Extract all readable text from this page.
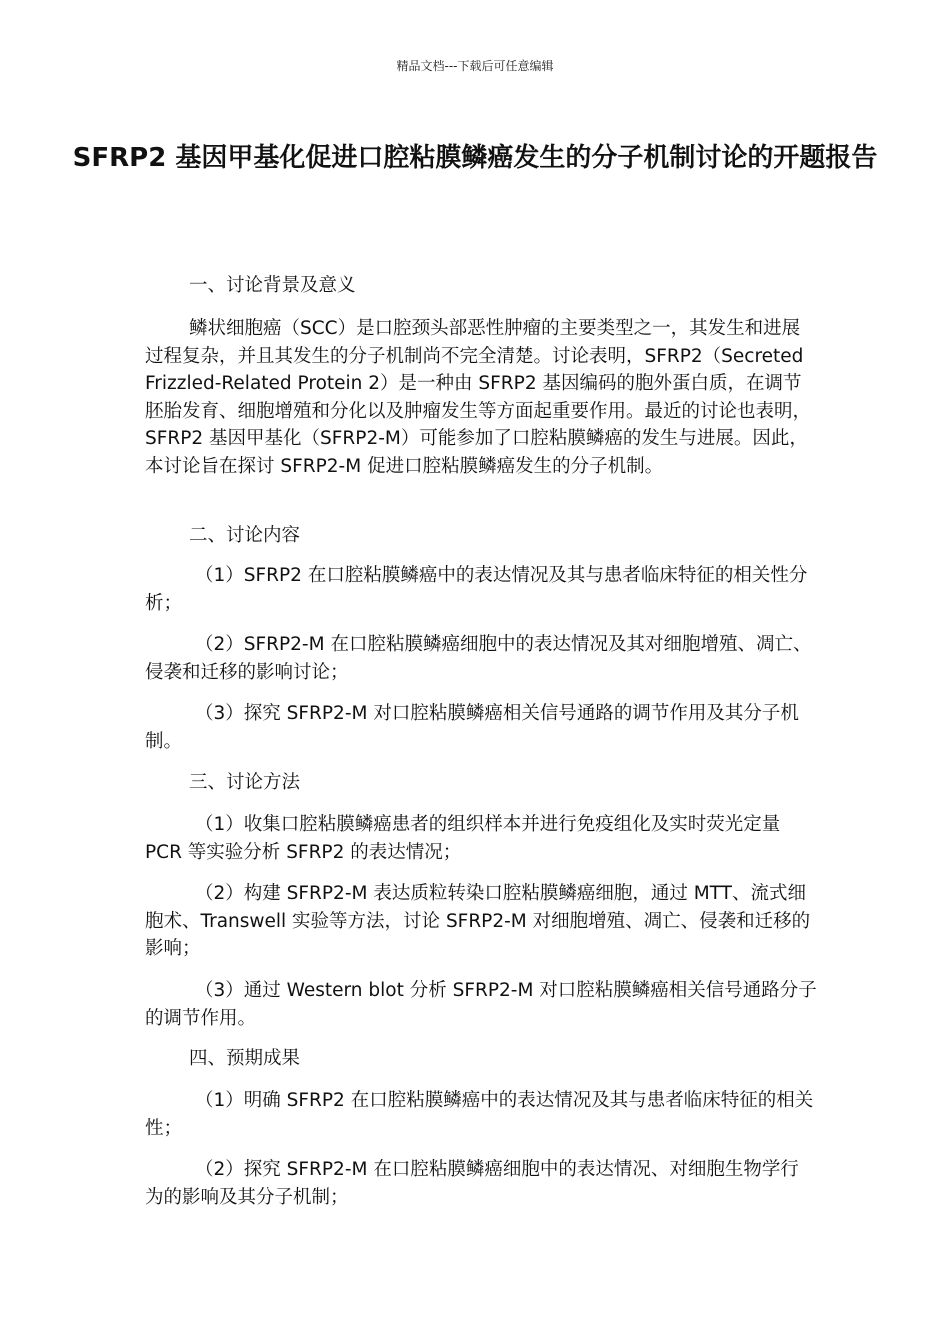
精品文档---下载后可任意编辑
SFRP2 基因甲基化促进口腔粘膜鳞癌发生的分子机制讨论的开题报告

一、讨论背景及意义

鳞状细胞癌（SCC）是口腔颈头部恶性肿瘤的主要类型之一，其发生和进展过程复杂，并且其发生的分子机制尚不完全清楚。讨论表明，SFRP2（Secreted Frizzled-Related Protein 2）是一种由 SFRP2 基因编码的胞外蛋白质，在调节胚胎发育、细胞增殖和分化以及肿瘤发生等方面起重要作用。最近的讨论也表明，SFRP2 基因甲基化（SFRP2-M）可能参加了口腔粘膜鳞癌的发生与进展。因此，本讨论旨在探讨 SFRP2-M 促进口腔粘膜鳞癌发生的分子机制。

二、讨论内容

（1）SFRP2 在口腔粘膜鳞癌中的表达情况及其与患者临床特征的相关性分析；

（2）SFRP2-M 在口腔粘膜鳞癌细胞中的表达情况及其对细胞增殖、凋亡、侵袭和迁移的影响讨论；

（3）探究 SFRP2-M 对口腔粘膜鳞癌相关信号通路的调节作用及其分子机制。

三、讨论方法

（1）收集口腔粘膜鳞癌患者的组织样本并进行免疫组化及实时荧光定量 PCR 等实验分析 SFRP2 的表达情况；

（2）构建 SFRP2-M 表达质粒转染口腔粘膜鳞癌细胞，通过 MTT、流式细胞术、Transwell 实验等方法，讨论 SFRP2-M 对细胞增殖、凋亡、侵袭和迁移的影响；

（3）通过 Western blot 分析 SFRP2-M 对口腔粘膜鳞癌相关信号通路分子的调节作用。

四、预期成果

（1）明确 SFRP2 在口腔粘膜鳞癌中的表达情况及其与患者临床特征的相关性；

（2）探究 SFRP2-M 在口腔粘膜鳞癌细胞中的表达情况、对细胞生物学行为的影响及其分子机制；
